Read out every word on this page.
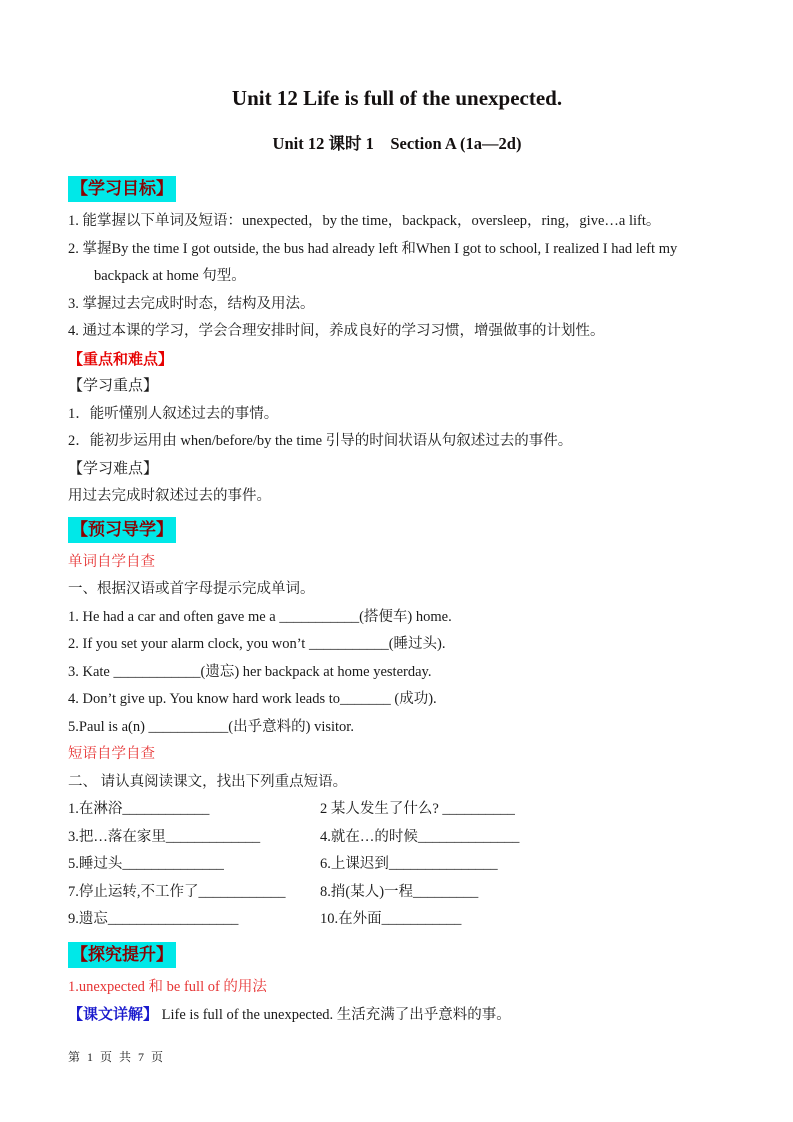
Unit 12 Life is full of the unexpected.
Unit 12 课时 1　Section A (1a—2d)
【学习目标】
1. 能掌握以下单词及短语：unexpected，by the time，backpack，oversleep，ring，give…a lift。
2. 掌握By the time I got outside, the bus had already left 和When I got to school, I realized I had left my backpack at home 句型。
3. 掌握过去完成时时态，结构及用法。
4. 通过本课的学习，学会合理安排时间，养成良好的学习习惯，增强做事的计划性。
【重点和难点】
【学习重点】
1．能听懂别人叙述过去的事情。
2．能初步运用由 when/before/by the time 引导的时间状语从句叙述过去的事件。
【学习难点】
用过去完成时叙述过去的事件。
【预习导学】
单词自学自查
一、根据汉语或首字母提示完成单词。
1. He had a car and often gave me a ___________(搭便车) home.
2. If you set your alarm clock, you won’t ___________(睡过头).
3. Kate ____________(遗忘) her backpack at home yesterday.
4. Don’t give up. You know hard work leads to_______ (成功).
5.Paul is a(n) ___________(出乎意料的) visitor.
短语自学自查
二、 请认真阅读课文，找出下列重点短语。
1.在淋浴____________	2 某人发生了什么? __________
3.把…落在家里_____________	4.就在…的时候______________
5.睡过头______________	6.上课迟到_______________
7.停止运转,不工作了____________	8.捎(某人)一程_________
9.遗忘__________________	10.在外面___________
【探究提升】
1.unexpected 和 be full of 的用法
【课文详解】 Life is full of the unexpected. 生活充满了出乎意料的事。
第 1 页 共 7 页
